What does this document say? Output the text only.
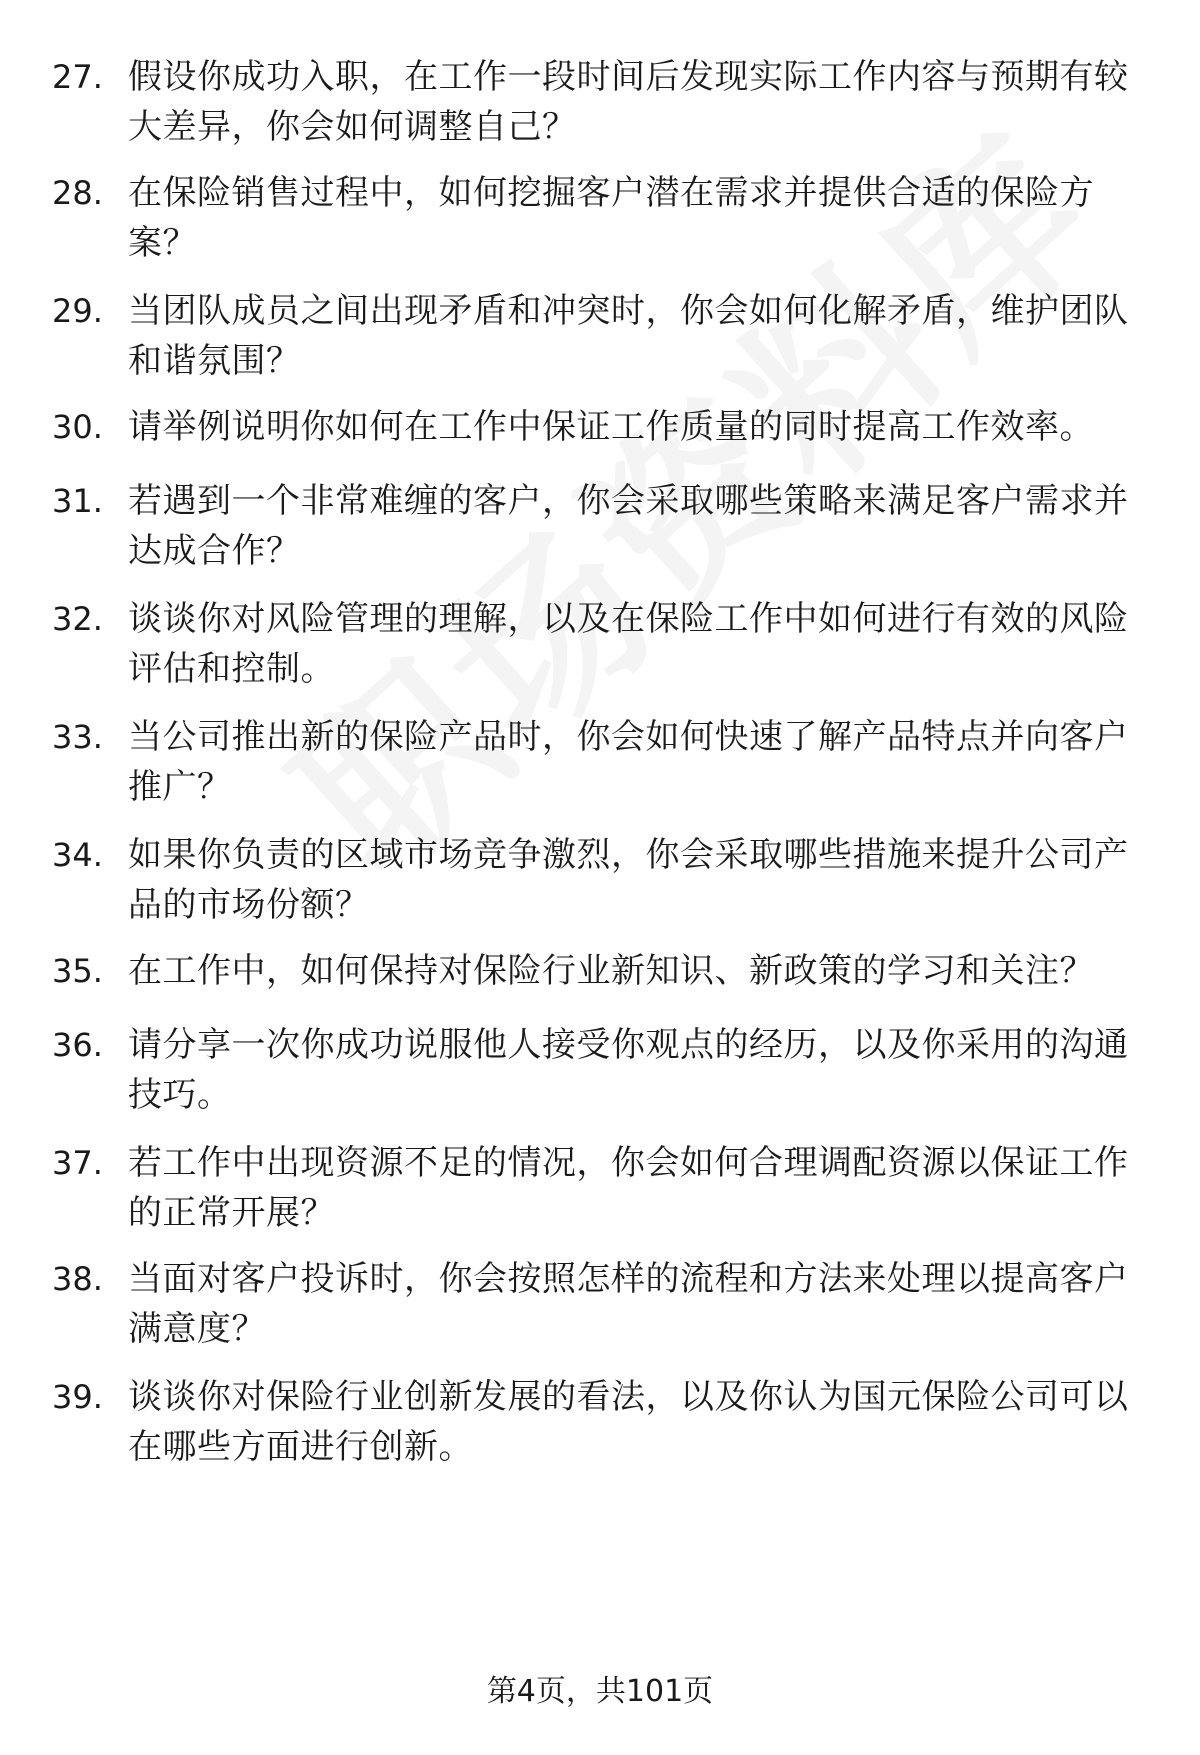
27. 假设你成功入职，在工作一段时间后发现实际工作内容与预期有较大差异，你会如何调整自己？
28. 在保险销售过程中，如何挖掘客户潜在需求并提供合适的保险方案？
29. 当团队成员之间出现矛盾和冲突时，你会如何化解矛盾，维护团队和谐氛围？
30. 请举例说明你如何在工作中保证工作质量的同时提高工作效率。
31. 若遇到一个非常难缠的客户，你会采取哪些策略来满足客户需求并达成合作？
32. 谈谈你对风险管理的理解，以及在保险工作中如何进行有效的风险评估和控制。
33. 当公司推出新的保险产品时，你会如何快速了解产品特点并向客户推广？
34. 如果你负责的区域市场竞争激烈，你会采取哪些措施来提升公司产品的市场份额？
35. 在工作中，如何保持对保险行业新知识、新政策的学习和关注？
36. 请分享一次你成功说服他人接受你观点的经历，以及你采用的沟通技巧。
37. 若工作中出现资源不足的情况，你会如何合理调配资源以保证工作的正常开展？
38. 当面对客户投诉时，你会按照怎样的流程和方法来处理以提高客户满意度？
39. 谈谈你对保险行业创新发展的看法，以及你认为国元保险公司可以在哪些方面进行创新。
第4页，共101页
